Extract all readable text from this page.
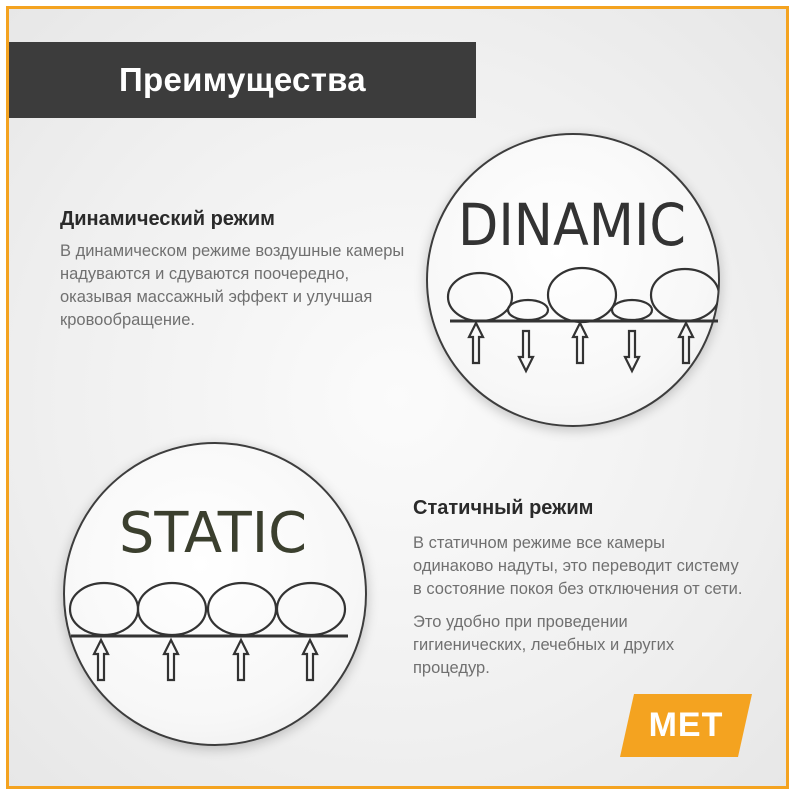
Преимущества
Динамический режим

В динамическом режиме воздушные камеры надуваются и сдуваются поочередно, оказывая массажный эффект и улучшая кровообращение.

DINAMIC
STATIC	Статичный режим

В статичном режиме все камеры одинаково надуты, это переводит систему в состояние покоя без отключения от сети.

Это удобно при проведении гигиенических, лечебных и других процедур.

MET
